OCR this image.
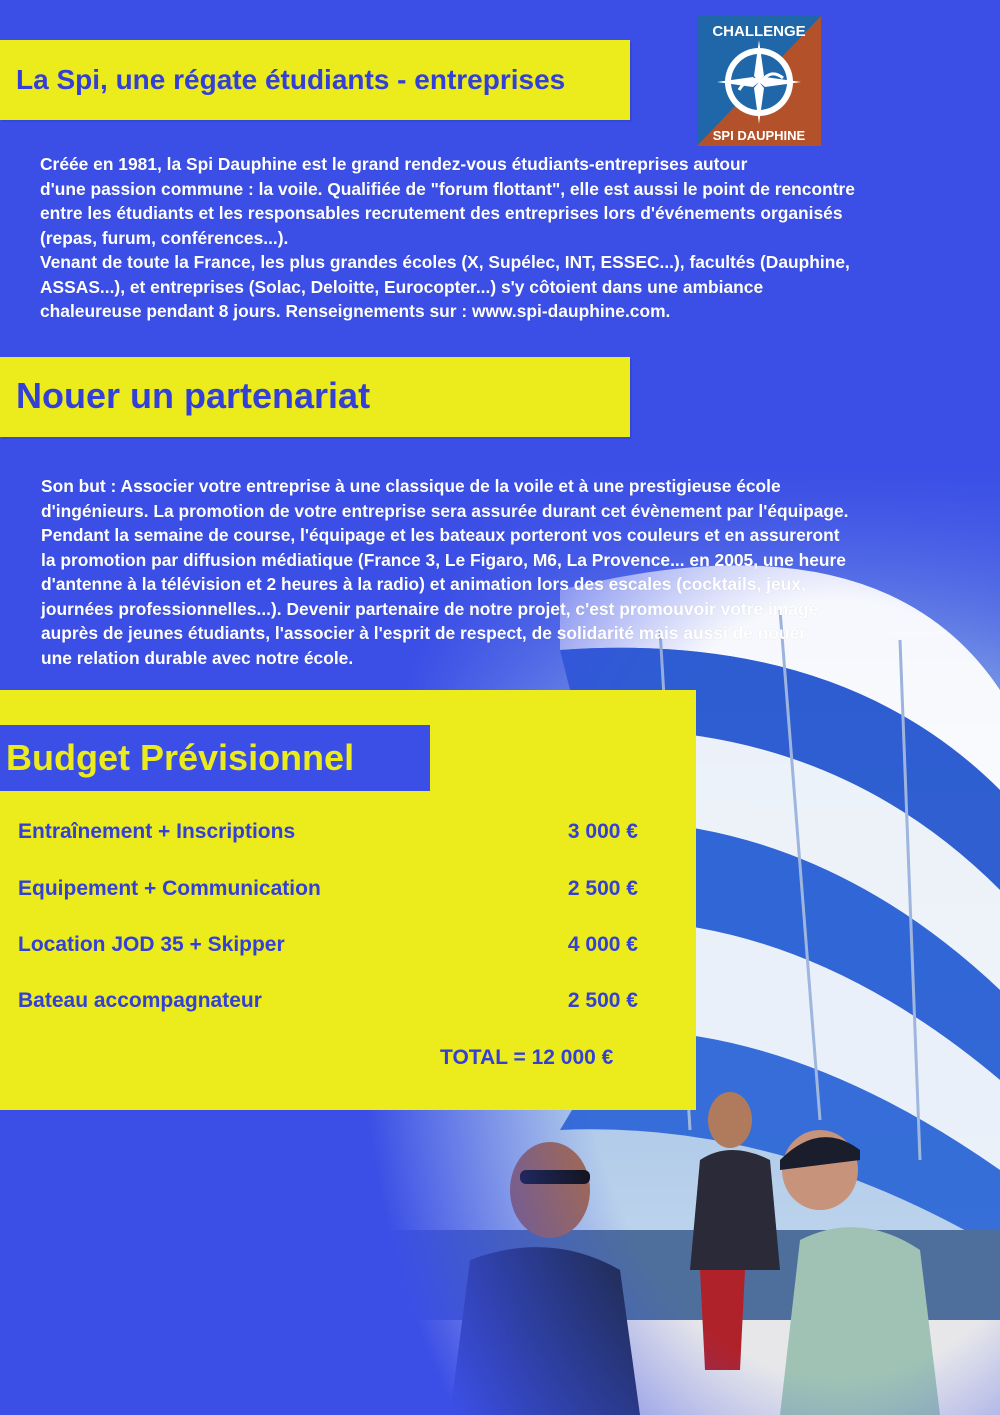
La Spi, une régate étudiants - entreprises
CHALLENGE
SPI DAUPHINE
Créée en 1981, la Spi Dauphine est le grand rendez-vous étudiants-entreprises autour
d'une passion commune : la voile. Qualifiée de "forum flottant", elle est aussi le point de rencontre
entre les étudiants et les responsables recrutement des entreprises lors d'événements organisés
(repas, furum, conférences...).
Venant de toute la France, les plus grandes écoles (X, Supélec, INT, ESSEC...), facultés (Dauphine,
ASSAS...), et entreprises (Solac, Deloitte, Eurocopter...) s'y côtoient dans une ambiance
chaleureuse pendant 8 jours. Renseignements sur : www.spi-dauphine.com.
Nouer un partenariat
Son but : Associer votre entreprise à une classique de la voile et à une prestigieuse école
d'ingénieurs. La promotion de votre entreprise sera assurée durant cet évènement par l'équipage.
Pendant la semaine de course, l'équipage et les bateaux porteront vos couleurs et en assureront
la promotion par diffusion médiatique (France 3, Le Figaro, M6, La Provence... en 2005, une heure
d'antenne à la télévision et 2 heures à la radio) et animation lors des escales (cocktails, jeux,
journées professionnelles...). Devenir partenaire de notre projet, c'est promouvoir votre image
auprès de jeunes étudiants, l'associer à l'esprit de respect, de solidarité mais aussi de nouer
une relation durable avec notre école.
Budget Prévisionnel
Entraînement + Inscriptions	3 000 €
Equipement + Communication	2 500 €
Location JOD 35 + Skipper	4 000 €
Bateau accompagnateur	2 500 €
TOTAL = 12 000 €
